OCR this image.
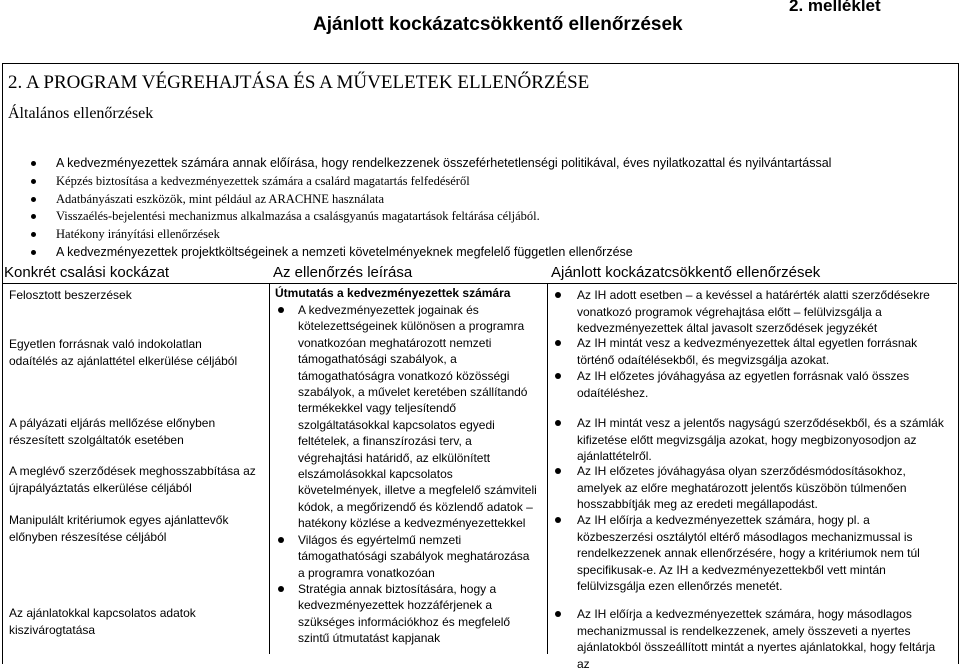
Ajánlott kockázatcsökkentő ellenőrzések
2. melléklet
2. A PROGRAM VÉGREHAJTÁSA ÉS A MŰVELETEK ELLENŐRZÉSE
Általános ellenőrzések
A kedvezményezettek számára annak előírása, hogy rendelkezzenek összeférhetetlenségi politikával, éves nyilatkozattal és nyilvántartással
Képzés biztosítása a kedvezményezettek számára a csalárd magatartás felfedéséről
Adatbányászati eszközök, mint például az ARACHNE használata
Visszaélés-bejelentési mechanizmus alkalmazása a csalásgyanús magatartások feltárása céljából.
Hatékony irányítási ellenőrzések
A kedvezményezettek projektköltségeinek a nemzeti követelményeknek megfelelő független ellenőrzése
Konkrét csalási kockázat	Az ellenőrzés leírása	Ajánlott kockázatcsökkentő ellenőrzések
Felosztott beszerzések
Egyetlen forrásnak való indokolatlan odaítélés az ajánlattétel elkerülése céljából
A pályázati eljárás mellőzése előnyben részesített szolgáltatók esetében
A meglévő szerződések meghosszabbítása az újrapályáztatás elkerülése céljából
Manipulált kritériumok egyes ajánlattevők előnyben részesítése céljából
Az ajánlatokkal kapcsolatos adatok kiszivárogtatása
Útmutatás a kedvezményezettek számára
A kedvezményezettek jogainak és kötelezettségeinek különösen a programra vonatkozóan meghatározott nemzeti támogathatósági szabályok, a támogathatóságra vonatkozó közösségi szabályok, a művelet keretében szállítandó termékekkel vagy teljesítendő szolgáltatásokkal kapcsolatos egyedi feltételek, a finanszírozási terv, a végrehajtási határidő, az elkülönített elszámolásokkal kapcsolatos követelmények, illetve a megfelelő számviteli kódok, a megőrizendő és közlendő adatok – hatékony közlése a kedvezményezettekkel
Világos és egyértelmű nemzeti támogathatósági szabályok meghatározása a programra vonatkozóan
Stratégia annak biztosítására, hogy a kedvezményezettek hozzáférjenek a szükséges információkhoz és megfelelő szintű útmutatást kapjanak
Az IH adott esetben – a kevéssel a határérték alatti szerződésekre vonatkozó programok végrehajtása előtt – felülvizsgálja a kedvezményezettek által javasolt szerződések jegyzékét
Az IH mintát vesz a kedvezményezettek által egyetlen forrásnak történő odaítélésekből, és megvizsgálja azokat.
Az IH előzetes jóváhagyása az egyetlen forrásnak való összes odaítéléshez.
Az IH mintát vesz a jelentős nagyságú szerződésekből, és a számlák kifizetése előtt megvizsgálja azokat, hogy megbizonyosodjon az ajánlattételről.
Az IH előzetes jóváhagyása olyan szerződésmódosításokhoz, amelyek az előre meghatározott jelentős küszöbön túlmenően hosszabbítják meg az eredeti megállapodást.
Az IH előírja a kedvezményezettek számára, hogy pl. a közbeszerzési osztálytól eltérő másodlagos mechanizmussal is rendelkezzenek annak ellenőrzésére, hogy a kritériumok nem túl specifikusak-e. Az IH a kedvezményezettekből vett mintán felülvizsgálja ezen ellenőrzés menetét.
Az IH előírja a kedvezményezettek számára, hogy másodlagos mechanizmussal is rendelkezzenek, amely összeveti a nyertes ajánlatokból összeállított mintát a nyertes ajánlatokkal, hogy feltárja az
